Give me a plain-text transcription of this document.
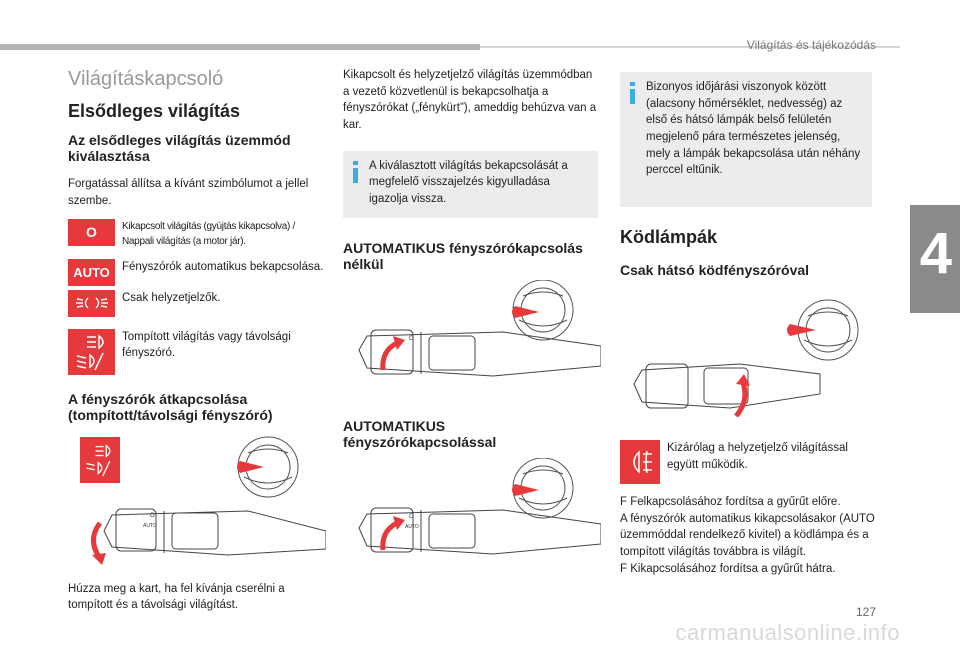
Világítás és tájékozódás
4
127
carmanualsonline.info
Világításkapcsoló
Elsődleges világítás
Az elsődleges világítás üzemmód kiválasztása
Forgatással állítsa a kívánt szimbólumot a jellel szembe.
O	Kikapcsolt világítás (gyújtás kikapcsolva) / Nappali világítás (a motor jár).
AUTO Fényszórók automatikus bekapcsolása.
Csak helyzetjelzők.
Tompított világítás vagy távolsági fényszóró.
A fényszórók átkapcsolása (tompított/távolsági fényszóró)
O
AUTO
Húzza meg a kart, ha fel kívánja cserélni a tompított és a távolsági világítást.
Kikapcsolt és helyzetjelző világítás üzemmódban a vezető közvetlenül is bekapcsolhatja a fényszórókat („fénykürt”), ameddig behúzva van a kar.
A kiválasztott világítás bekapcsolását a megfelelő visszajelzés kigyulladása igazolja vissza.
AUTOMATIKUS fényszórókapcsolás nélkül
O
AUTOMATIKUS fényszórókapcsolással
O
AUTO
Bizonyos időjárási viszonyok között (alacsony hőmérséklet, nedvesség) az első és hátsó lámpák belső felületén megjelenő pára természetes jelenség, mely a lámpák bekapcsolása után néhány perccel eltűnik.
Ködlámpák
Csak hátsó ködfényszóróval
Kizárólag a helyzetjelző világítással együtt működik.
F Felkapcsolásához fordítsa a gyűrűt előre.
A fényszórók automatikus kikapcsolásakor (AUTO üzemmóddal rendelkező kivitel) a ködlámpa és a tompított világítás továbbra is világít.
F Kikapcsolásához fordítsa a gyűrűt hátra.
